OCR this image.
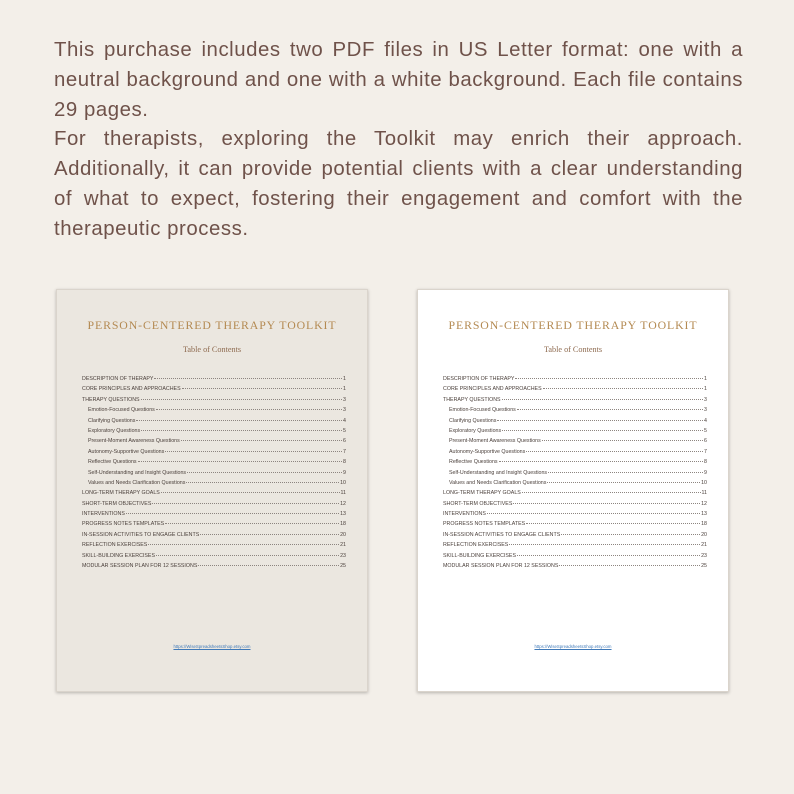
This purchase includes two PDF files in US Letter format: one with a neutral background and one with a white background. Each file contains 29 pages.

For therapists, exploring the Toolkit may enrich their approach. Additionally, it can provide potential clients with a clear understanding of what to expect, fostering their engagement and comfort with the therapeutic process.

PERSON-CENTERED THERAPY TOOLKIT
Table of Contents
DESCRIPTION OF THERAPY	1
CORE PRINCIPLES AND APPROACHES	1
THERAPY QUESTIONS	3
Emotion-Focused Questions	3
Clarifying Questions	4
Exploratory Questions	5
Present-Moment Awareness Questions	6
Autonomy-Supportive Questions	7
Reflective Questions	8
Self-Understanding and Insight Questions	9
Values and Needs Clarification Questions	10
LONG-TERM THERAPY GOALS	11
SHORT-TERM OBJECTIVES	12
INTERVENTIONS	13
PROGRESS NOTES TEMPLATES	18
IN-SESSION ACTIVITIES TO ENGAGE CLIENTS	20
REFLECTION EXERCISES	21
SKILL-BUILDING EXERCISES	23
MODULAR SESSION PLAN FOR 12 SESSIONS	25
https://WiseSpreadsheetsShop.etsy.com
PERSON-CENTERED THERAPY TOOLKIT
Table of Contents
DESCRIPTION OF THERAPY	1
CORE PRINCIPLES AND APPROACHES	1
THERAPY QUESTIONS	3
Emotion-Focused Questions	3
Clarifying Questions	4
Exploratory Questions	5
Present-Moment Awareness Questions	6
Autonomy-Supportive Questions	7
Reflective Questions	8
Self-Understanding and Insight Questions	9
Values and Needs Clarification Questions	10
LONG-TERM THERAPY GOALS	11
SHORT-TERM OBJECTIVES	12
INTERVENTIONS	13
PROGRESS NOTES TEMPLATES	18
IN-SESSION ACTIVITIES TO ENGAGE CLIENTS	20
REFLECTION EXERCISES	21
SKILL-BUILDING EXERCISES	23
MODULAR SESSION PLAN FOR 12 SESSIONS	25
https://WiseSpreadsheetsShop.etsy.com
